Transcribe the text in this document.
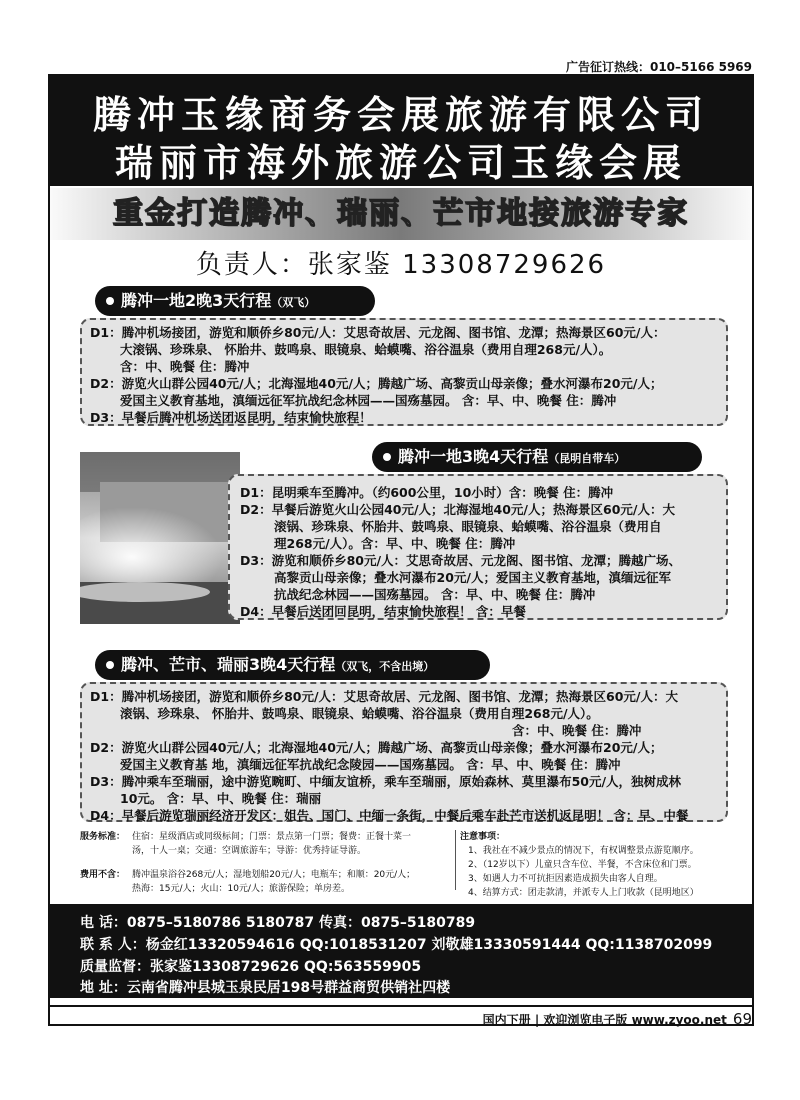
广告征订热线：010–5166 5969
腾冲玉缘商务会展旅游有限公司
瑞丽市海外旅游公司玉缘会展
重金打造腾冲、瑞丽、芒市地接旅游专家
负责人：张家鉴 13308729626
腾冲一地2晚3天行程（双飞）
D1：腾冲机场接团，游览和顺侨乡80元/人：艾思奇故居、元龙阁、图书馆、龙潭；热海景区60元/人：
大滚锅、珍珠泉、 怀胎井、鼓鸣泉、眼镜泉、蛤蟆嘴、浴谷温泉（费用自理268元/人）。
含：中、晚餐 住：腾冲
D2：游览火山群公园40元/人；北海湿地40元/人；腾越广场、高黎贡山母亲像；叠水河瀑布20元/人；
爱国主义教育基地，滇缅远征军抗战纪念林园——国殇墓园。 含：早、中、晚餐 住：腾冲
D3：早餐后腾冲机场送团返昆明，结束愉快旅程！
腾冲一地3晚4天行程（昆明自带车）
D1：昆明乘车至腾冲。（约600公里，10小时）含：晚餐 住：腾冲
D2：早餐后游览火山公园40元/人；北海湿地40元/人；热海景区60元/人：大
滚锅、珍珠泉、怀胎井、鼓鸣泉、眼镜泉、蛤蟆嘴、浴谷温泉（费用自
理268元/人）。含：早、中、晚餐 住：腾冲
D3：游览和顺侨乡80元/人：艾思奇故居、元龙阁、图书馆、龙潭；腾越广场、
高黎贡山母亲像；叠水河瀑布20元/人；爱国主义教育基地，滇缅远征军
抗战纪念林园——国殇墓园。 含：早、中、晚餐 住：腾冲
D4：早餐后送团回昆明，结束愉快旅程！ 含：早餐
腾冲、芒市、瑞丽3晚4天行程（双飞，不含出境）
D1：腾冲机场接团，游览和顺侨乡80元/人：艾思奇故居、元龙阁、图书馆、龙潭；热海景区60元/人：大
滚锅、珍珠泉、 怀胎井、鼓鸣泉、眼镜泉、蛤蟆嘴、浴谷温泉（费用自理268元/人）。
含：中、晚餐 住：腾冲
D2：游览火山群公园40元/人；北海湿地40元/人；腾越广场、高黎贡山母亲像；叠水河瀑布20元/人；
爱国主义教育基 地，滇缅远征军抗战纪念陵园——国殇墓园。 含：早、中、晚餐 住：腾冲
D3：腾冲乘车至瑞丽，途中游览畹町、中缅友谊桥，乘车至瑞丽，原始森林、莫里瀑布50元/人，独树成林
10元。 含：早、中、晚餐 住：瑞丽
D4：早餐后游览瑞丽经济开发区：姐告、国门、中缅一条街，中餐后乘车赴芒市送机返昆明！ 含：早、中餐
服务标准： 住宿：星级酒店或同级标间；门票：景点第一门票；餐费：正餐十菜一
汤，十人一桌；交通：空调旅游车；导游：优秀持证导游。
费用不含： 腾冲温泉浴谷268元/人；湿地划船20元/人；电瓶车；和顺：20元/人；
热海：15元/人；火山：10元/人；旅游保险；单房差。
注意事项：
1、我社在不减少景点的情况下，有权调整景点游览顺序。
2、（12岁以下）儿童只含车位、半餐，不含床位和门票。
3、如遇人力不可抗拒因素造成损失由客人自理。
4、结算方式：团走款清，并派专人上门收款（昆明地区）
电 话：0875–5180786 5180787 传真：0875–5180789
联 系 人：杨金红13320594616 QQ:1018531207 刘敬雄13330591444 QQ:1138702099
质量监督：张家鉴13308729626 QQ:563559905
地 址：云南省腾冲县城玉泉民居198号群益商贸供销社四楼
国内下册 | 欢迎浏览电子版 www.zyoo.net 69
